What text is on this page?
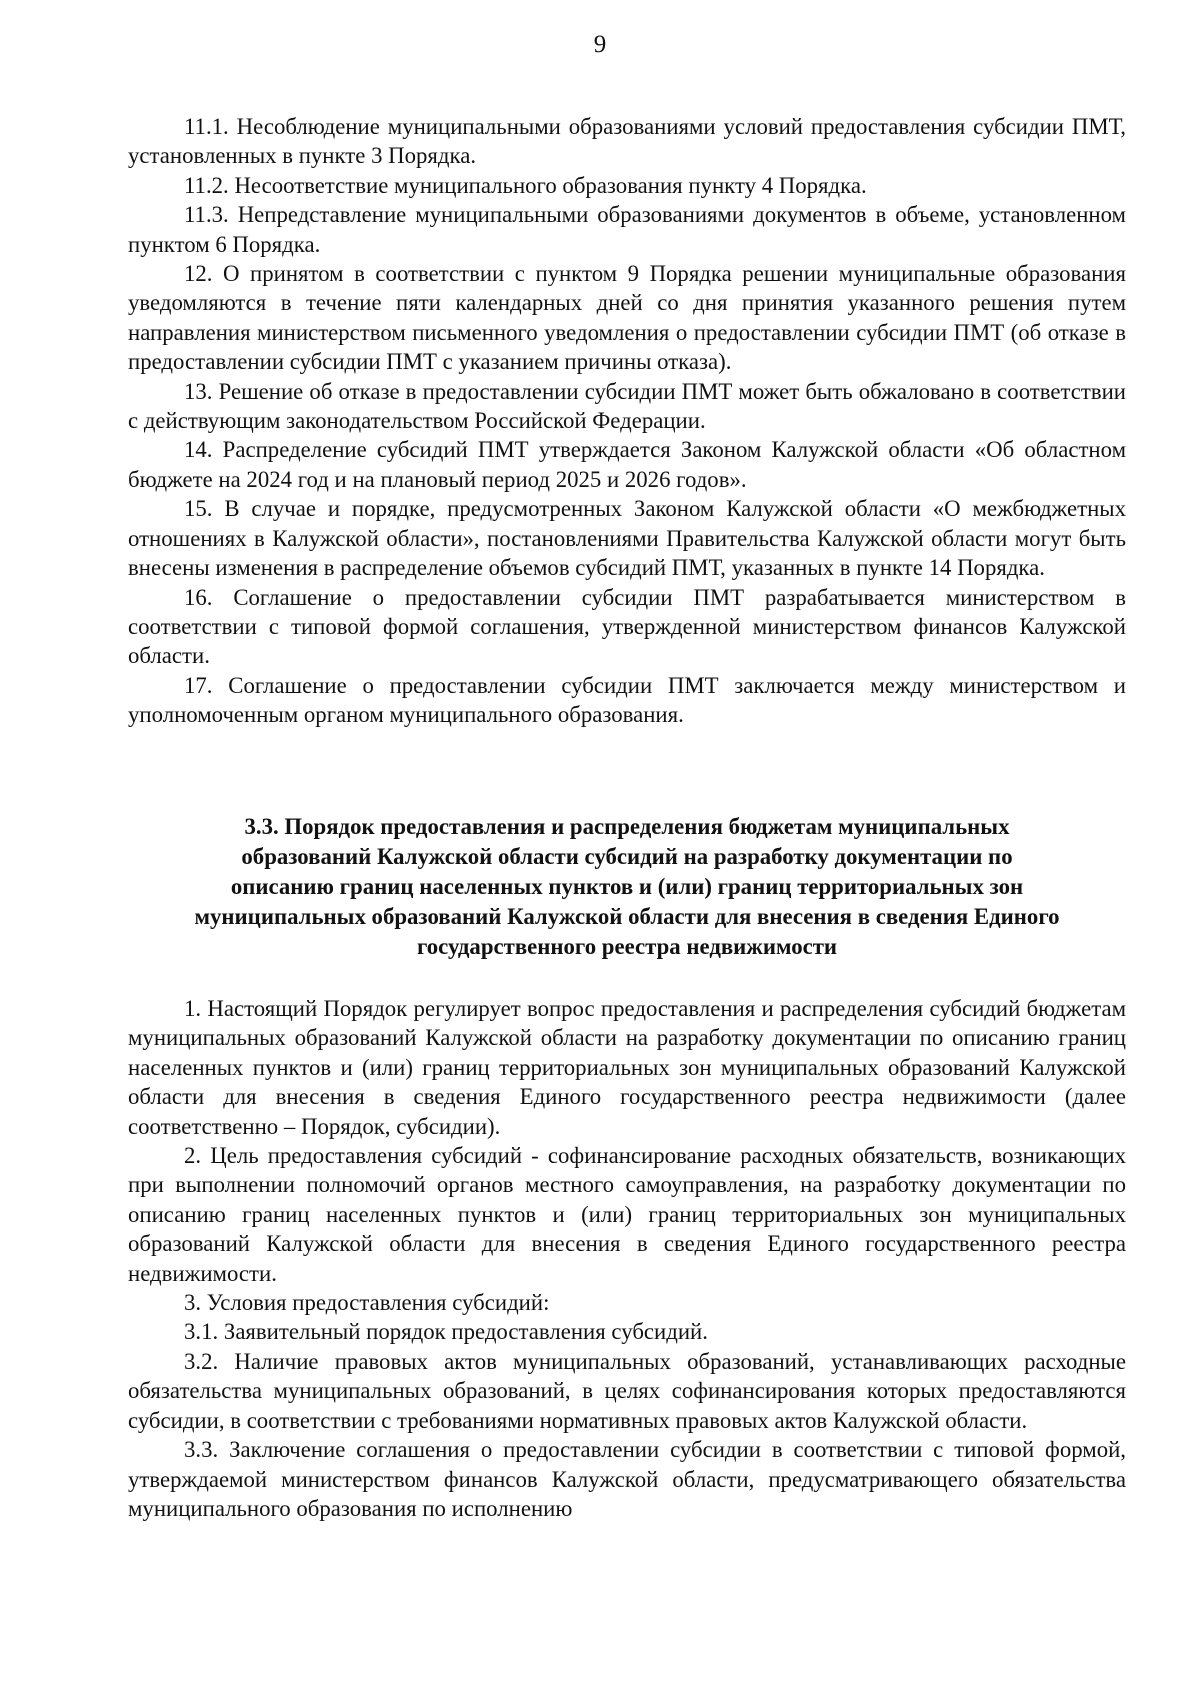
9

11.1. Несоблюдение муниципальными образованиями условий предоставления субсидии ПМТ, установленных в пункте 3 Порядка.

11.2. Несоответствие муниципального образования пункту 4 Порядка.

11.3. Непредставление муниципальными образованиями документов в объеме, установленном пунктом 6 Порядка.

12. О принятом в соответствии с пунктом 9 Порядка решении муниципальные образования уведомляются в течение пяти календарных дней со дня принятия указанного решения путем направления министерством письменного уведомления о предоставлении субсидии ПМТ (об отказе в предоставлении субсидии ПМТ с указанием причины отказа).

13. Решение об отказе в предоставлении субсидии ПМТ может быть обжаловано в соответствии с действующим законодательством Российской Федерации.

14. Распределение субсидий ПМТ утверждается Законом Калужской области «Об областном бюджете на 2024 год и на плановый период 2025 и 2026 годов».

15. В случае и порядке, предусмотренных Законом Калужской области «О межбюджетных отношениях в Калужской области», постановлениями Правительства Калужской области могут быть внесены изменения в распределение объемов субсидий ПМТ, указанных в пункте 14 Порядка.

16. Соглашение о предоставлении субсидии ПМТ разрабатывается министерством в соответствии с типовой формой соглашения, утвержденной министерством финансов Калужской области.

17. Соглашение о предоставлении субсидии ПМТ заключается между министерством и уполномоченным органом муниципального образования.

3.3. Порядок предоставления и распределения бюджетам муниципальных
образований Калужской области субсидий на разработку документации по
описанию границ населенных пунктов и (или) границ территориальных зон
муниципальных образований Калужской области для внесения в сведения Единого
государственного реестра недвижимости

1. Настоящий Порядок регулирует вопрос предоставления и распределения субсидий бюджетам муниципальных образований Калужской области на разработку документации по описанию границ населенных пунктов и (или) границ территориальных зон муниципальных образований Калужской области для внесения в сведения Единого государственного реестра недвижимости (далее соответственно – Порядок, субсидии).

2. Цель предоставления субсидий - софинансирование расходных обязательств, возникающих при выполнении полномочий органов местного самоуправления, на разработку документации по описанию границ населенных пунктов и (или) границ территориальных зон муниципальных образований Калужской области для внесения в сведения Единого государственного реестра недвижимости.

3. Условия предоставления субсидий:

3.1. Заявительный порядок предоставления субсидий.

3.2. Наличие правовых актов муниципальных образований, устанавливающих расходные обязательства муниципальных образований, в целях софинансирования которых предоставляются субсидии, в соответствии с требованиями нормативных правовых актов Калужской области.

3.3. Заключение соглашения о предоставлении субсидии в соответствии с типовой формой, утверждаемой министерством финансов Калужской области, предусматривающего обязательства муниципального образования по исполнению
